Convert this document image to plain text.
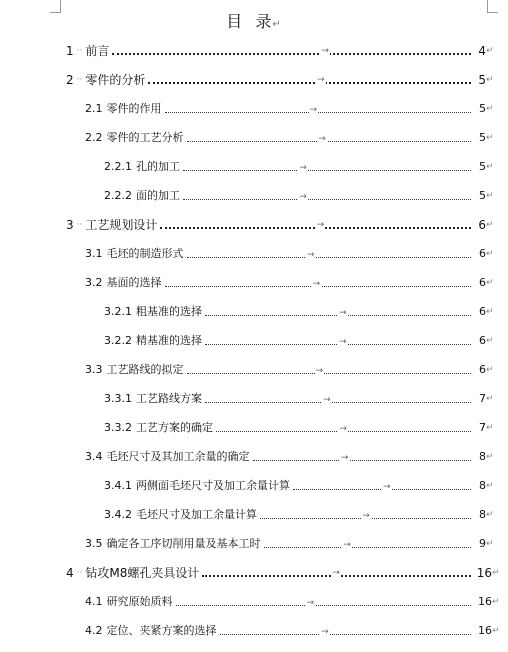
目  录↵
1 ·· 前言	→	4 ↵
2 ·· 零件的分析	→	5 ↵
2.1 零件的作用	→	5 ↵
2.2 零件的工艺分析	→	5 ↵
2.2.1 孔的加工	→	5 ↵
2.2.2 面的加工	→	5 ↵
3 ·· 工艺规划设计	→	6 ↵
3.1 毛坯的制造形式	→	6 ↵
3.2 基面的选择	→	6 ↵
3.2.1 粗基准的选择	→	6 ↵
3.2.2 精基准的选择	→	6 ↵
3.3 工艺路线的拟定	→	6 ↵
3.3.1 工艺路线方案	→	7 ↵
3.3.2 工艺方案的确定	→	7 ↵
3.4 毛坯尺寸及其加工余量的确定	→	8 ↵
3.4.1 两侧面毛坯尺寸及加工余量计算	→	8 ↵
3.4.2 毛坯尺寸及加工余量计算	→	8 ↵
3.5 确定各工序切削用量及基本工时	→	9 ↵
4 ·· 钻攻M8螺孔夹具设计	→	16 ↵
4.1 研究原始质料	→	16 ↵
4.2 定位、夹紧方案的选择	→	16 ↵
